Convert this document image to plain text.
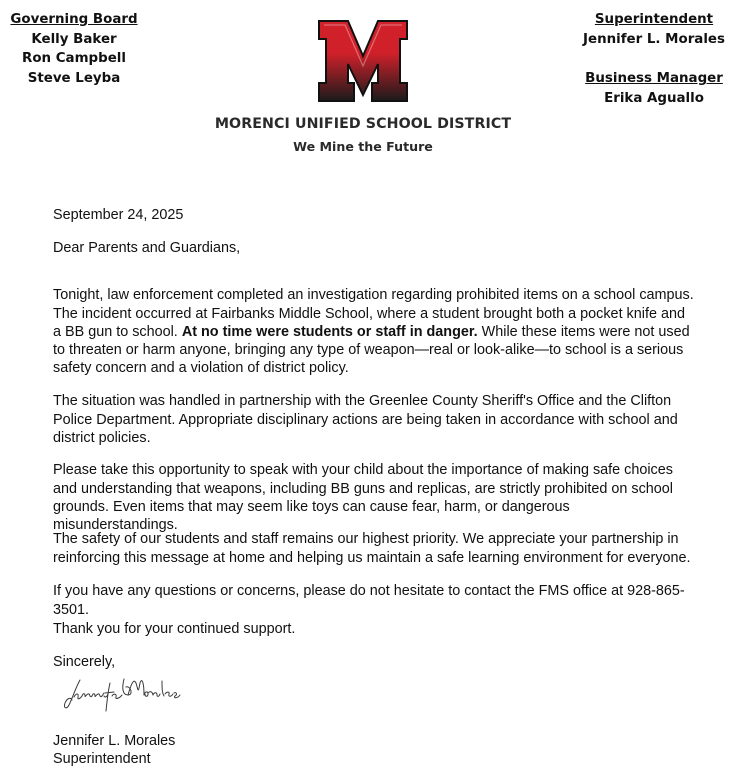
Governing Board
Kelly Baker
Ron Campbell
Steve Leyba
Superintendent
Jennifer L. Morales
Business Manager
Erika Aguallo
MORENCI UNIFIED SCHOOL DISTRICT
We Mine the Future
September 24, 2025
Dear Parents and Guardians,

Tonight, law enforcement completed an investigation regarding prohibited items on a school campus. The incident occurred at Fairbanks Middle School, where a student brought both a pocket knife and a BB gun to school. At no time were students or staff in danger. While these items were not used to threaten or harm anyone, bringing any type of weapon—real or look-alike—to school is a serious safety concern and a violation of district policy.

The situation was handled in partnership with the Greenlee County Sheriff's Office and the Clifton Police Department. Appropriate disciplinary actions are being taken in accordance with school and district policies.

Please take this opportunity to speak with your child about the importance of making safe choices and understanding that weapons, including BB guns and replicas, are strictly prohibited on school grounds. Even items that may seem like toys can cause fear, harm, or dangerous misunderstandings.

The safety of our students and staff remains our highest priority. We appreciate your partnership in reinforcing this message at home and helping us maintain a safe learning environment for everyone.

If you have any questions or concerns, please do not hesitate to contact the FMS office at 928-865-3501.

Thank you for your continued support.
Sincerely,
Jennifer L. Morales
Superintendent
